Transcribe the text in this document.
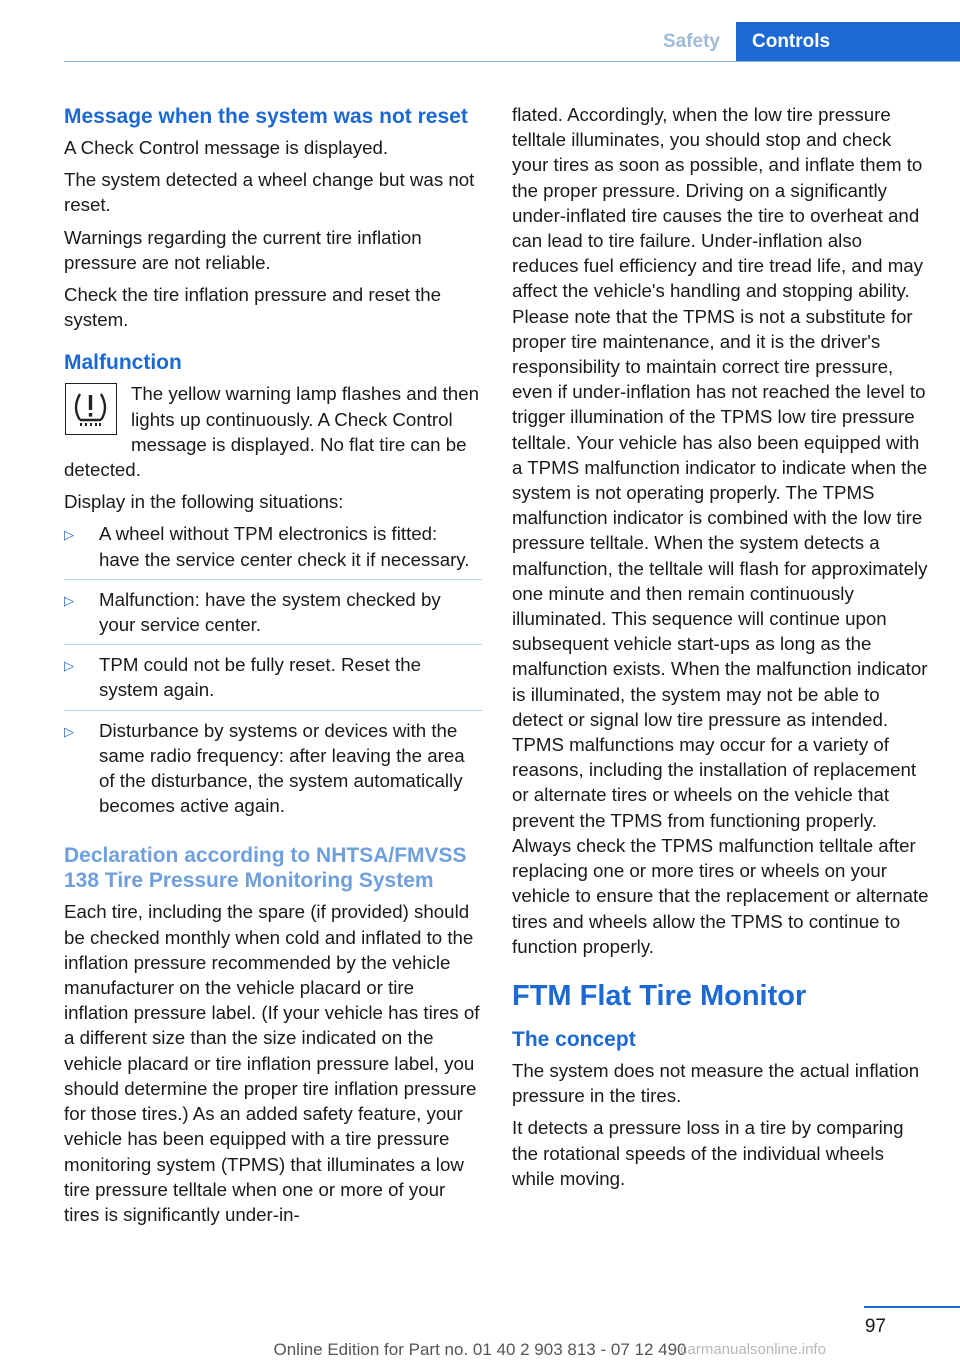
Safety	Controls
Message when the system was not reset

A Check Control message is displayed.

The system detected a wheel change but was not reset.

Warnings regarding the current tire inflation pressure are not reliable.

Check the tire inflation pressure and reset the system.

Malfunction

The yellow warning lamp flashes and then lights up continuously. A Check Control message is displayed. No flat tire can be detected.

Display in the following situations:

▷ A wheel without TPM electronics is fitted: have the service center check it if necessary.
▷ Malfunction: have the system checked by your service center.
▷ TPM could not be fully reset. Reset the system again.
▷ Disturbance by systems or devices with the same radio frequency: after leaving the area of the disturbance, the system automatically becomes active again.
Declaration according to NHTSA/FMVSS 138 Tire Pressure Monitoring System

Each tire, including the spare (if provided) should be checked monthly when cold and inflated to the inflation pressure recommended by the vehicle manufacturer on the vehicle placard or tire inflation pressure label. (If your vehicle has tires of a different size than the size indicated on the vehicle placard or tire inflation pressure label, you should determine the proper tire inflation pressure for those tires.) As an added safety feature, your vehicle has been equipped with a tire pressure monitoring system (TPMS) that illuminates a low tire pressure telltale when one or more of your tires is significantly under-in-

flated. Accordingly, when the low tire pressure telltale illuminates, you should stop and check your tires as soon as possible, and inflate them to the proper pressure. Driving on a significantly under-inflated tire causes the tire to overheat and can lead to tire failure. Under-inflation also reduces fuel efficiency and tire tread life, and may affect the vehicle's handling and stopping ability. Please note that the TPMS is not a substitute for proper tire maintenance, and it is the driver's responsibility to maintain correct tire pressure, even if under-inflation has not reached the level to trigger illumination of the TPMS low tire pressure telltale. Your vehicle has also been equipped with a TPMS malfunction indicator to indicate when the system is not operating properly. The TPMS malfunction indicator is combined with the low tire pressure telltale. When the system detects a malfunction, the telltale will flash for approximately one minute and then remain continuously illuminated. This sequence will continue upon subsequent vehicle start-ups as long as the malfunction exists. When the malfunction indicator is illuminated, the system may not be able to detect or signal low tire pressure as intended. TPMS malfunctions may occur for a variety of reasons, including the installation of replacement or alternate tires or wheels on the vehicle that prevent the TPMS from functioning properly. Always check the TPMS malfunction telltale after replacing one or more tires or wheels on your vehicle to ensure that the replacement or alternate tires and wheels allow the TPMS to continue to function properly.

FTM Flat Tire Monitor
The concept

The system does not measure the actual inflation pressure in the tires.

It detects a pressure loss in a tire by comparing the rotational speeds of the individual wheels while moving.

97
Online Edition for Part no. 01 40 2 903 813 - 07 12 490
carmanualsonline.info
